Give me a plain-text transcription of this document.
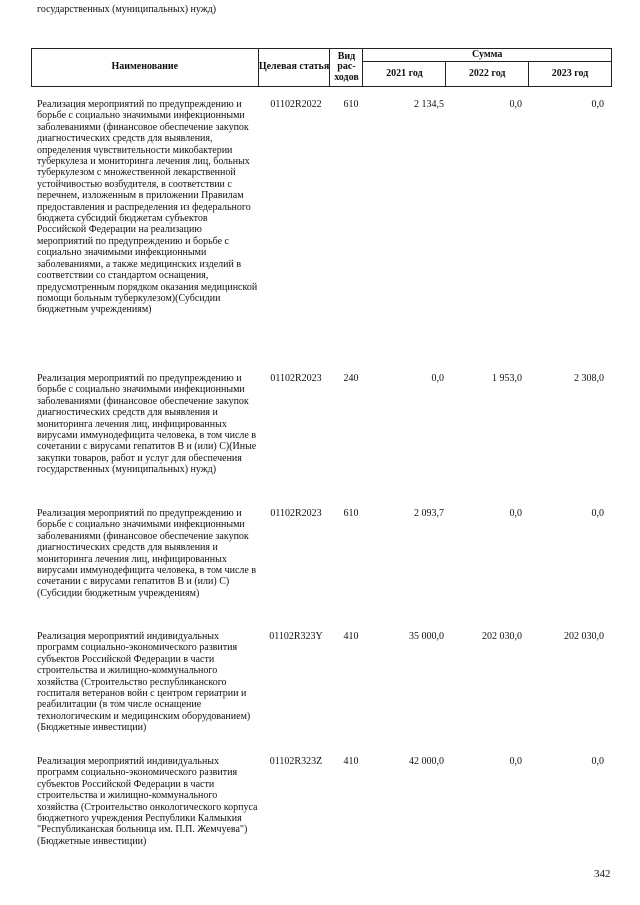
государственных (муниципальных) нужд)
Наименование	Целевая статья	Вид рас-ходов	Сумма		
			2021 год	2022 год	2023 год
Реализация мероприятий по предупреждению и борьбе с социально значимыми инфекционными заболеваниями (финансовое обеспечение закупок диагностических средств для выявления, определения чувствительности микобактерии туберкулеза и мониторинга лечения лиц, больных туберкулезом с множественной лекарственной устойчивостью возбудителя, в соответствии с перечнем, изложенным в приложении Правилам предоставления и распределения из федерального бюджета субсидий бюджетам субъектов Российской Федерации на реализацию мероприятий по предупреждению и борьбе с социально значимыми инфекционными заболеваниями, а также медицинских изделий в соответствии со стандартом оснащения, предусмотренным порядком оказания медицинской помощи больным туберкулезом)(Субсидии бюджетным учреждениям)
01102R2022	610	2 134,5	0,0	0,0
Реализация мероприятий по предупреждению и борьбе с социально значимыми инфекционными заболеваниями (финансовое обеспечение закупок диагностических средств для выявления и мониторинга лечения лиц, инфицированных вирусами иммунодефицита человека, в том числе в сочетании с вирусами гепатитов В и (или) С)(Иные закупки товаров, работ и услуг для обеспечения государственных (муниципальных) нужд)
01102R2023	240	0,0	1 953,0	2 308,0
Реализация мероприятий по предупреждению и борьбе с социально значимыми инфекционными заболеваниями (финансовое обеспечение закупок диагностических средств для выявления и мониторинга лечения лиц, инфицированных вирусами иммунодефицита человека, в том числе в сочетании с вирусами гепатитов В и (или) С)(Субсидии бюджетным учреждениям)
01102R2023	610	2 093,7	0,0	0,0
Реализация мероприятий индивидуальных программ социально-экономического развития субъектов Российской Федерации в части строительства и жилищно-коммунального хозяйства (Строительство республиканского госпиталя ветеранов войн с центром гериатрии и реабилитации (в том числе оснащение технологическим и медицинским оборудованием)(Бюджетные инвестиции)
01102R323Y	410	35 000,0	202 030,0	202 030,0
Реализация мероприятий индивидуальных программ социально-экономического развития субъектов Российской Федерации в части строительства и жилищно-коммунального хозяйства (Строительство онкологического корпуса бюджетного учреждения Республики Калмыкия "Республиканская больница им. П.П. Жемчуева")(Бюджетные инвестиции)
01102R323Z	410	42 000,0	0,0	0,0
342
